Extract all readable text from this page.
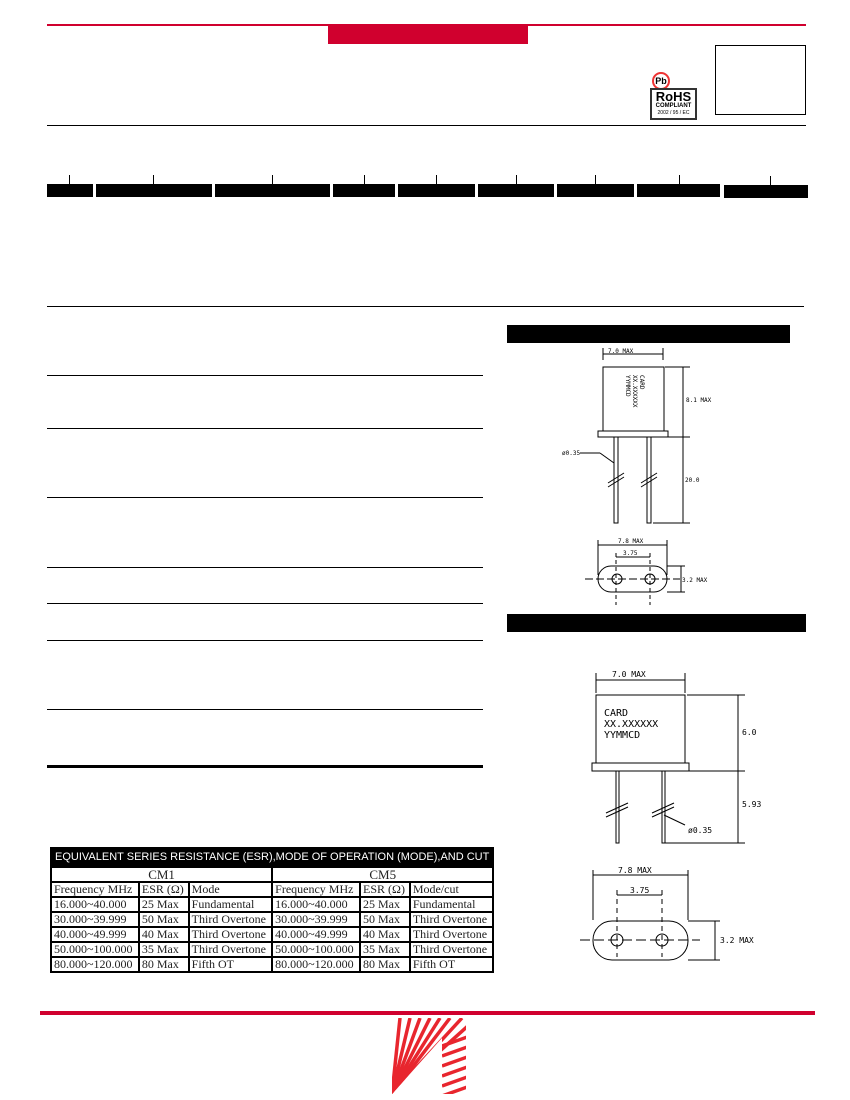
Pb
RoHS
COMPLIANT
2002 / 95 / EC
7.0 MAX
8.1 MAX
ø0.35
20.0
7.8 MAX
3.75
3.2 MAX
CARD
XX.XXXXXX
YYMMCD
7.0 MAX
6.0
ø0.35
5.93
7.8 MAX
3.75
3.2 MAX
CARD
XX.XXXXXX
YYMMCD
EQUIVALENT SERIES RESISTANCE (ESR),MODE OF OPERATION (MODE),AND CUT					
CM1			CM5		
Frequency MHz	ESR (Ω)	Mode	Frequency MHz	ESR (Ω)	Mode/cut
16.000~40.000	25 Max	Fundamental	16.000~40.000	25 Max	Fundamental
30.000~39.999	50 Max	Third Overtone	30.000~39.999	50 Max	Third Overtone
40.000~49.999	40 Max	Third Overtone	40.000~49.999	40 Max	Third Overtone
50.000~100.000	35 Max	Third Overtone	50.000~100.000	35 Max	Third Overtone
80.000~120.000	80 Max	Fifth OT	80.000~120.000	80 Max	Fifth OT
